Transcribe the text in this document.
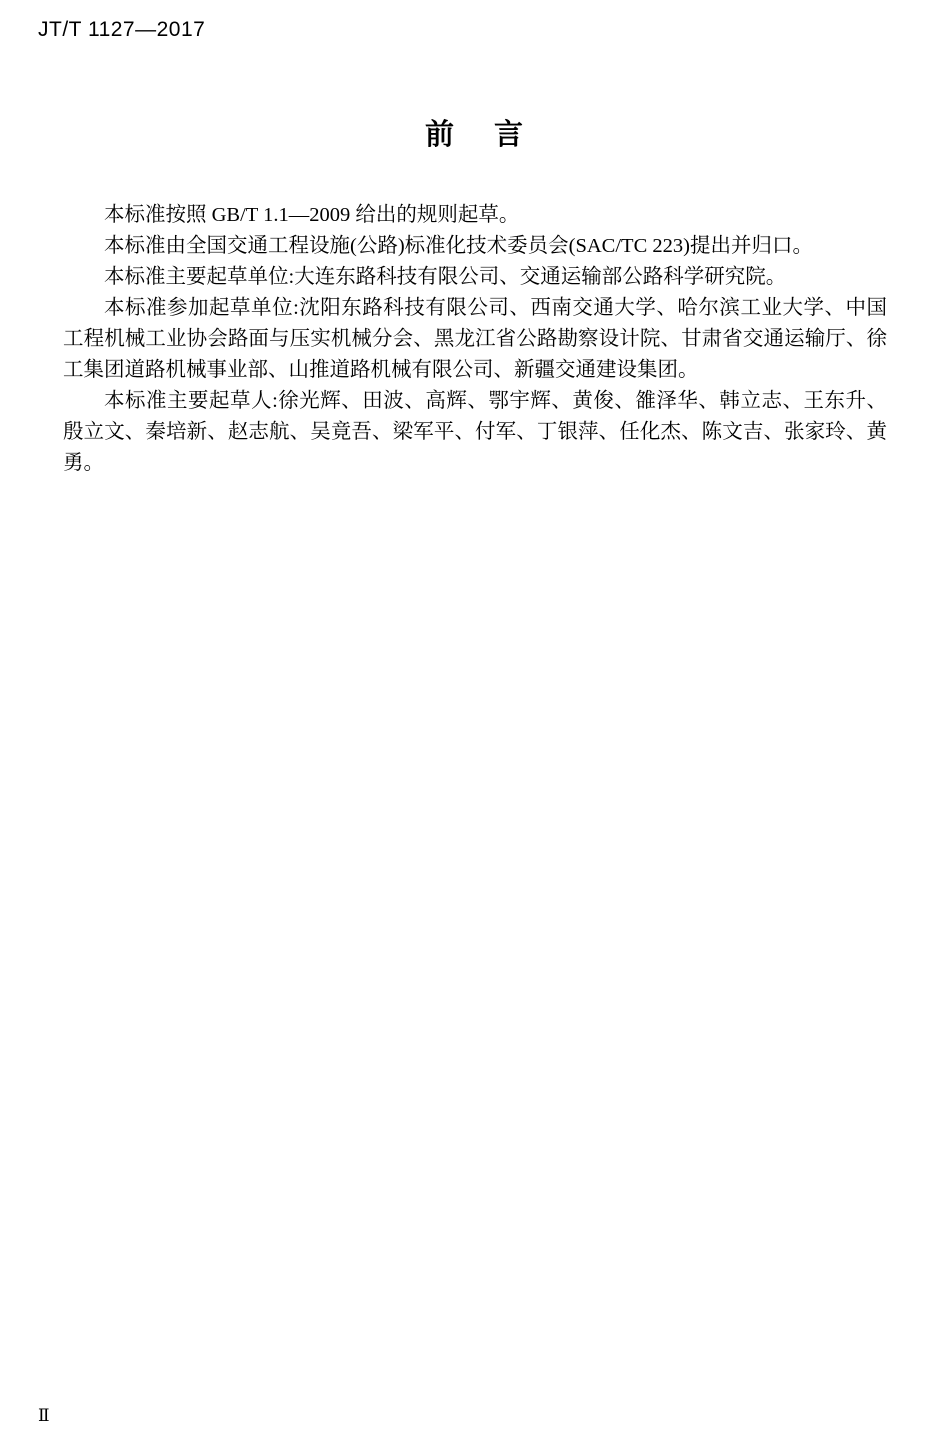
JT/T 1127—2017
前 言

本标准按照 GB/T 1.1—2009 给出的规则起草。

本标准由全国交通工程设施(公路)标准化技术委员会(SAC/TC 223)提出并归口。

本标准主要起草单位:大连东路科技有限公司、交通运输部公路科学研究院。

本标准参加起草单位:沈阳东路科技有限公司、西南交通大学、哈尔滨工业大学、中国工程机械工业协会路面与压实机械分会、黑龙江省公路勘察设计院、甘肃省交通运输厅、徐工集团道路机械事业部、山推道路机械有限公司、新疆交通建设集团。

本标准主要起草人:徐光辉、田波、高辉、鄂宇辉、黄俊、雒泽华、韩立志、王东升、殷立文、秦培新、赵志航、吴竟吾、梁军平、付军、丁银萍、任化杰、陈文吉、张家玲、黄勇。

Ⅱ
